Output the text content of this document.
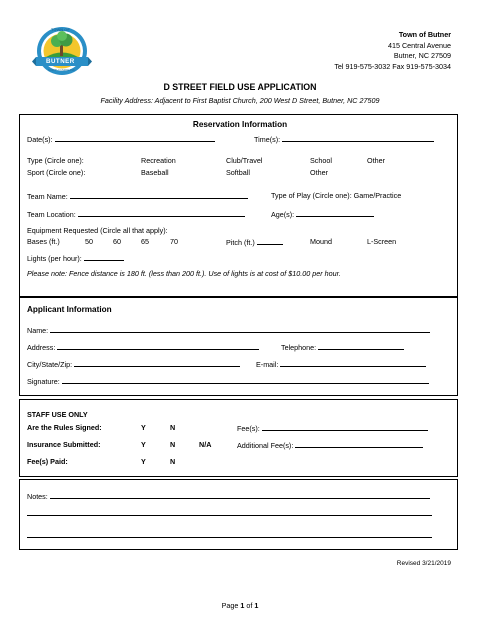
TOWN OF
BUTNER
NORTH CAROLINA
Town of Butner
415 Central Avenue
Butner, NC 27509
Tel 919-575-3032 Fax 919-575-3034
D STREET FIELD USE APPLICATION
Facility Address: Adjacent to First Baptist Church, 200 West D Street, Butner, NC 27509
Reservation Information
Date(s):	Time(s):
Type (Circle one):	Recreation	Club/Travel	School	Other
Sport (Circle one):	Baseball	Softball	Other
Team Name:	Type of Play (Circle one): Game/Practice
Team Location:	Age(s):
Equipment Requested (Circle all that apply):
Bases (ft.)	50	60	65	70	Pitch (ft.)	Mound	L-Screen
Lights (per hour):
Please note: Fence distance is 180 ft. (less than 200 ft.). Use of lights is at cost of $10.00 per hour.
Applicant Information
Name:
Address:	Telephone:
City/State/Zip:	E-mail:
Signature:
STAFF USE ONLY
Are the Rules Signed:	Y	N	Fee(s):
Insurance Submitted:	Y	N	N/A	Additional Fee(s):
Fee(s) Paid:	Y	N
Notes:
Revised 3/21/2019
Page 1 of 1
